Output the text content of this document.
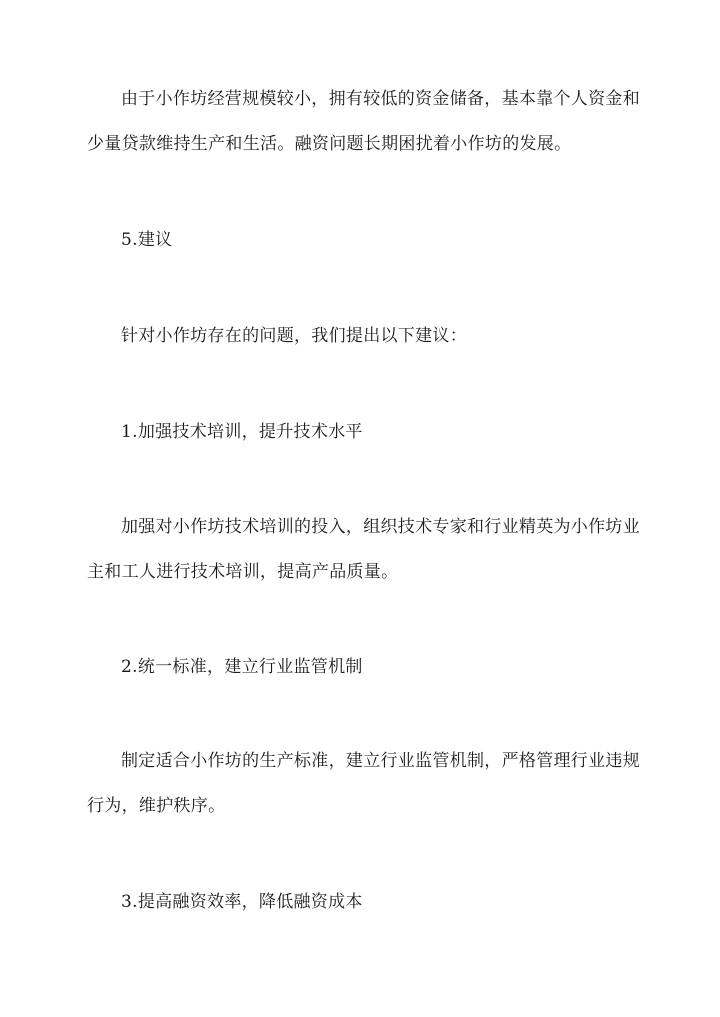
由于小作坊经营规模较小，拥有较低的资金储备，基本靠个人资金和
少量贷款维持生产和生活。融资问题长期困扰着小作坊的发展。
5.建议
针对小作坊存在的问题，我们提出以下建议：
1.加强技术培训，提升技术水平
加强对小作坊技术培训的投入，组织技术专家和行业精英为小作坊业
主和工人进行技术培训，提高产品质量。
2.统一标准，建立行业监管机制
制定适合小作坊的生产标准，建立行业监管机制，严格管理行业违规
行为，维护秩序。
3.提高融资效率，降低融资成本
